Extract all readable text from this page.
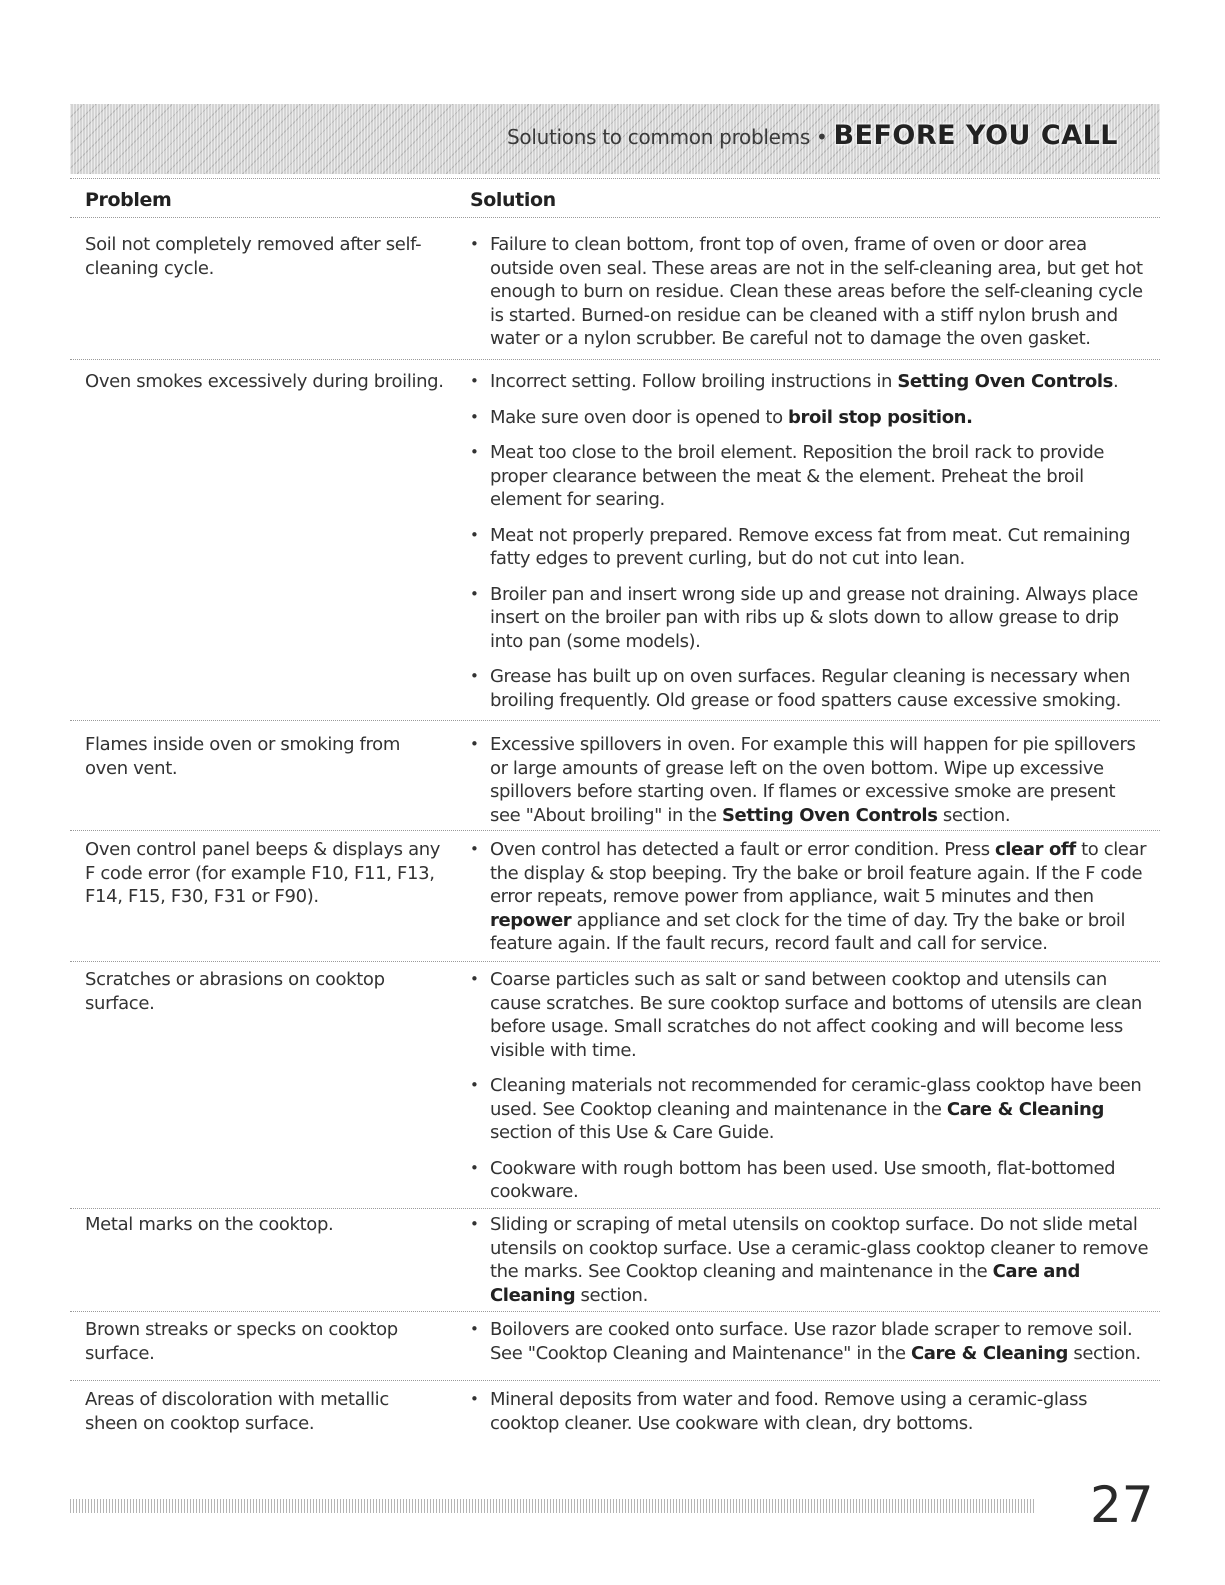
Solutions to common problems • BEFORE YOU CALL
Problem	Solution
Soil not completely removed after self-cleaning cycle.
• Failure to clean bottom, front top of oven, frame of oven or door area outside oven seal. These areas are not in the self-cleaning area, but get hot enough to burn on residue. Clean these areas before the self-cleaning cycle is started. Burned-on residue can be cleaned with a stiff nylon brush and water or a nylon scrubber. Be careful not to damage the oven gasket.
Oven smokes excessively during broiling. • Incorrect setting. Follow broiling instructions in Setting Oven Controls.
• Make sure oven door is opened to broil stop position.
• Meat too close to the broil element. Reposition the broil rack to provide proper clearance between the meat & the element. Preheat the broil element for searing.
• Meat not properly prepared. Remove excess fat from meat. Cut remaining fatty edges to prevent curling, but do not cut into lean.
• Broiler pan and insert wrong side up and grease not draining. Always place insert on the broiler pan with ribs up & slots down to allow grease to drip into pan (some models).
• Grease has built up on oven surfaces. Regular cleaning is necessary when broiling frequently. Old grease or food spatters cause excessive smoking.
Flames inside oven or smoking from oven vent.
• Excessive spillovers in oven. For example this will happen for pie spillovers or large amounts of grease left on the oven bottom. Wipe up excessive spillovers before starting oven. If flames or excessive smoke are present see "About broiling" in the Setting Oven Controls section.
Oven control panel beeps & displays any F code error (for example F10, F11, F13, F14, F15, F30, F31 or F90).
• Oven control has detected a fault or error condition. Press clear off to clear the display & stop beeping. Try the bake or broil feature again. If the F code error repeats, remove power from appliance, wait 5 minutes and then repower appliance and set clock for the time of day. Try the bake or broil feature again. If the fault recurs, record fault and call for service.
Scratches or abrasions on cooktop surface.
• Coarse particles such as salt or sand between cooktop and utensils can cause scratches. Be sure cooktop surface and bottoms of utensils are clean before usage. Small scratches do not affect cooking and will become less visible with time.
• Cleaning materials not recommended for ceramic-glass cooktop have been used. See Cooktop cleaning and maintenance in the Care & Cleaning section of this Use & Care Guide.
• Cookware with rough bottom has been used. Use smooth, flat-bottomed cookware.
Metal marks on the cooktop.	• Sliding or scraping of metal utensils on cooktop surface. Do not slide metal utensils on cooktop surface. Use a ceramic-glass cooktop cleaner to remove the marks. See Cooktop cleaning and maintenance in the Care and Cleaning section.
Brown streaks or specks on cooktop surface.
• Boilovers are cooked onto surface. Use razor blade scraper to remove soil. See "Cooktop Cleaning and Maintenance" in the Care & Cleaning section.
Areas of discoloration with metallic sheen on cooktop surface.
• Mineral deposits from water and food. Remove using a ceramic-glass cooktop cleaner. Use cookware with clean, dry bottoms.
27
